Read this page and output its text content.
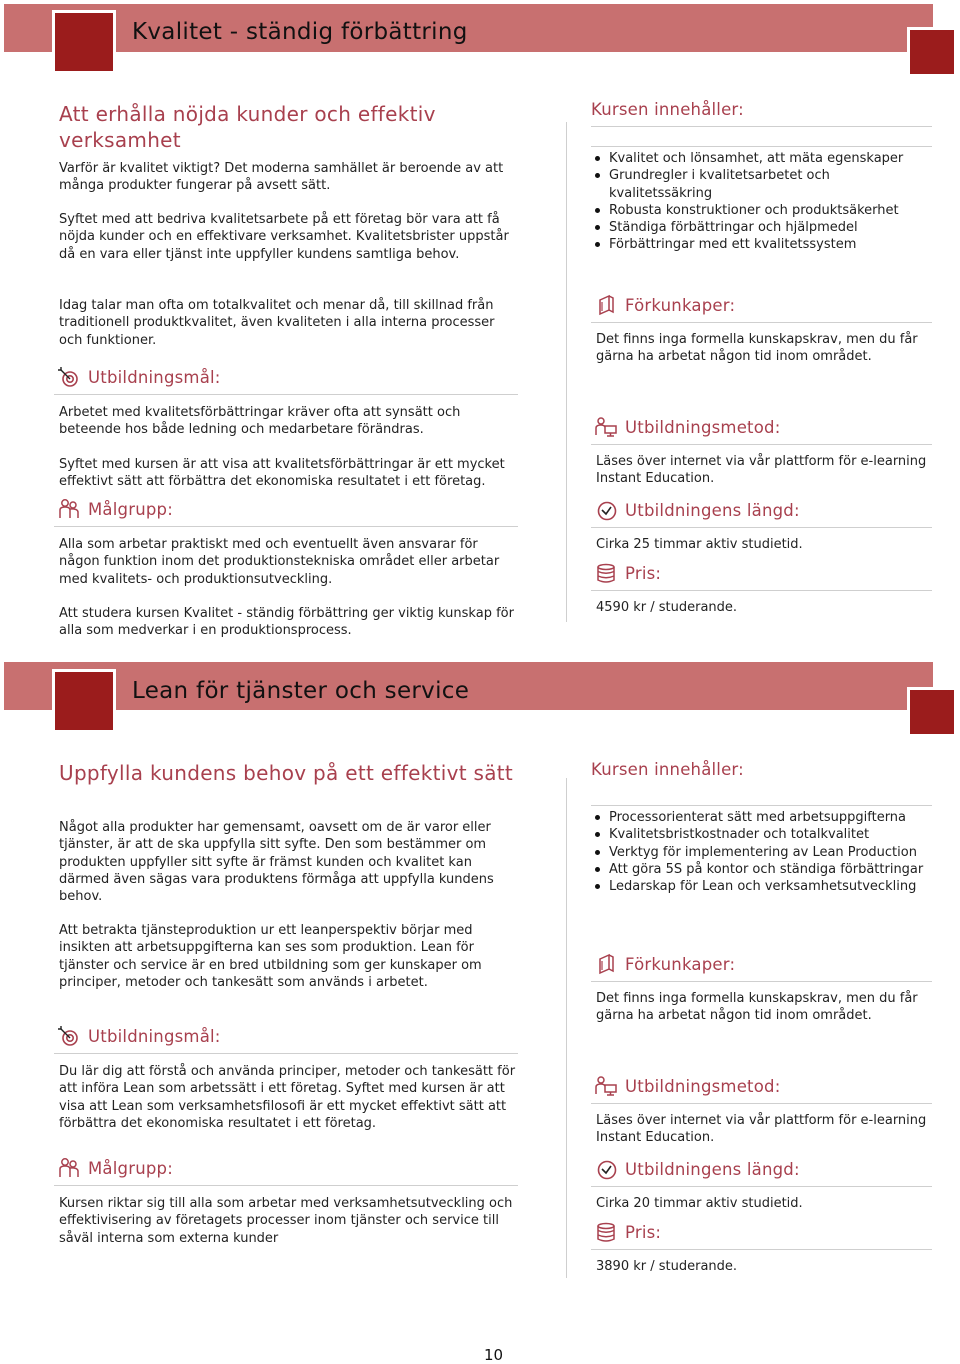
Kvalitet - ständig förbättring
Att erhålla nöjda kunder och effektiv verksamhet
Varför är kvalitet viktigt? Det moderna samhället är beroende av att många produkter fungerar på avsett sätt.
Syftet med att bedriva kvalitetsarbete på ett företag bör vara att få nöjda kunder och en effektivare verksamhet. Kvalitetsbrister uppstår då en vara eller tjänst inte uppfyller kundens samtliga behov.
Idag talar man ofta om totalkvalitet och menar då, till skillnad från traditionell produktkvalitet, även kvaliteten i alla interna processer och funktioner.
Utbildningsmål:
Arbetet med kvalitetsförbättringar kräver ofta att synsätt och beteende hos både ledning och medarbetare förändras.
Syftet med kursen är att visa att kvalitetsförbättringar är ett mycket effektivt sätt att förbättra det ekonomiska resultatet i ett företag.
Målgrupp:
Alla som arbetar praktiskt med och eventuellt även ansvarar för någon funktion inom det produktionstekniska området eller arbetar med kvalitets- och produktionsutveckling.
Att studera kursen Kvalitet - ständig förbättring ger viktig kunskap för alla som medverkar i en produktionsprocess.
Kursen innehåller:
Kvalitet och lönsamhet, att mäta egenskaper
Grundregler i kvalitetsarbetet och kvalitetssäkring
Robusta konstruktioner och produktsäkerhet
Ständiga förbättringar och hjälpmedel
Förbättringar med ett kvalitetssystem
Förkunkaper:
Det finns inga formella kunskapskrav, men du får gärna ha arbetat någon tid inom området.
Utbildningsmetod:
Läses över internet via vår plattform för e-learning Instant Education.
Utbildningens längd:
Cirka 25 timmar aktiv studietid.
Pris:
4590 kr / studerande.
Lean för tjänster och service
Uppfylla kundens behov på ett effektivt sätt
Något alla produkter har gemensamt, oavsett om de är varor eller tjänster, är att de ska uppfylla sitt syfte. Den som bestämmer om produkten uppfyller sitt syfte är främst kunden och kvalitet kan därmed även sägas vara produktens förmåga att uppfylla kundens behov.
Att betrakta tjänsteproduktion ur ett leanperspektiv börjar med insikten att arbetsuppgifterna kan ses som produktion. Lean för tjänster och service är en bred utbildning som ger kunskaper om principer, metoder och tankesätt som används i arbetet.
Utbildningsmål:
Du lär dig att förstå och använda principer, metoder och tankesätt för att införa Lean som arbetssätt i ett företag. Syftet med kursen är att visa att Lean som verksamhetsfilosofi är ett mycket effektivt sätt att förbättra det ekonomiska resultatet i ett företag.
Målgrupp:
Kursen riktar sig till alla som arbetar med verksamhetsutveckling och effektivisering av företagets processer inom tjänster och service till såväl interna som externa kunder
Kursen innehåller:
Processorienterat sätt med arbetsuppgifterna
Kvalitetsbristkostnader och totalkvalitet
Verktyg för implementering av Lean Production
Att göra 5S på kontor och ständiga förbättringar
Ledarskap för Lean och verksamhetsutveckling
Förkunkaper:
Det finns inga formella kunskapskrav, men du får gärna ha arbetat någon tid inom området.
Utbildningsmetod:
Läses över internet via vår plattform för e-learning Instant Education.
Utbildningens längd:
Cirka 20 timmar aktiv studietid.
Pris:
3890 kr / studerande.
10
